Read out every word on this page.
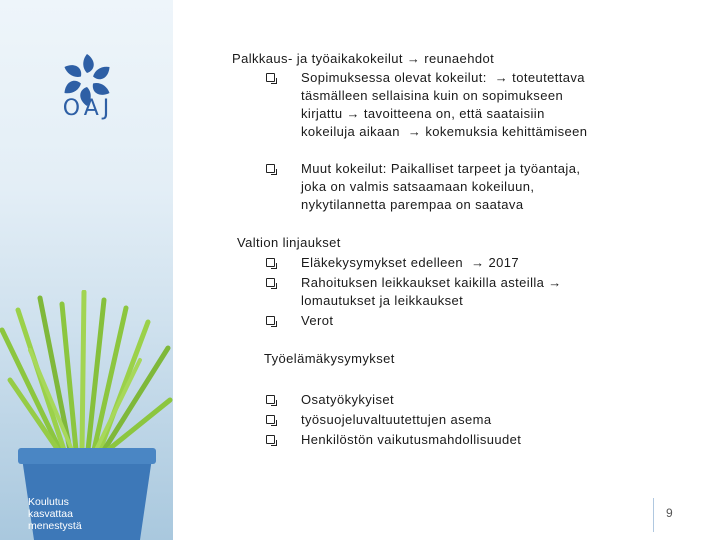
OAJ
Koulutus
kasvattaa
menestystä
Palkkaus- ja työaikakokeilut → reunaehdot
Sopimuksessa olevat kokeilut:  → toteutettava
täsmälleen sellaisina kuin on sopimukseen
kirjattu → tavoitteena on, että saataisiin
kokeiluja aikaan  → kokemuksia kehittämiseen
Muut kokeilut: Paikalliset tarpeet ja työantaja,
joka on valmis satsaamaan kokeiluun,
nykytilannetta parempaa on saatava
Valtion linjaukset
Eläkekysymykset edelleen  → 2017
Rahoituksen leikkaukset kaikilla asteilla →
lomautukset ja leikkaukset
Verot
Työelämäkysymykset
Osatyökykyiset
työsuojeluvaltuutettujen asema
Henkilöstön vaikutusmahdollisuudet
9
